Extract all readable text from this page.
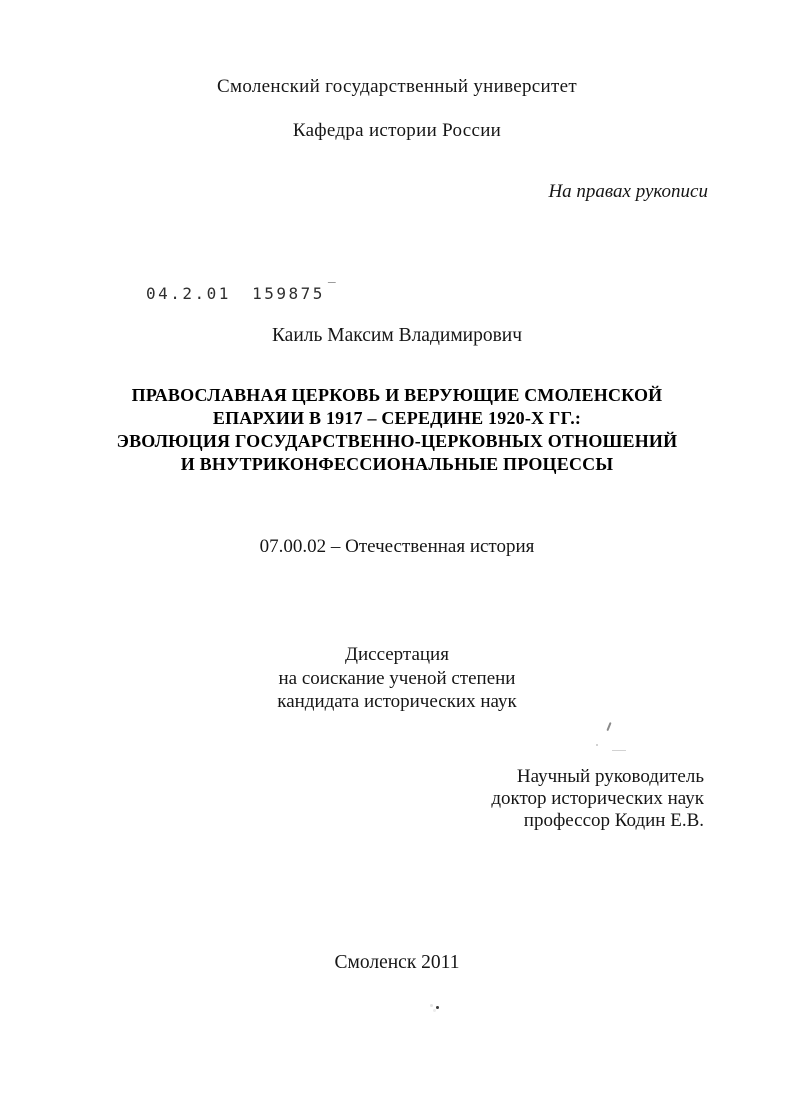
Смоленский государственный университет
Кафедра истории России
На правах рукописи
04.2.01 159875 ‾
Каиль Максим Владимирович
ПРАВОСЛАВНАЯ ЦЕРКОВЬ И ВЕРУЮЩИЕ СМОЛЕНСКОЙ
ЕПАРХИИ В 1917 – СЕРЕДИНЕ 1920-Х ГГ.:
ЭВОЛЮЦИЯ ГОСУДАРСТВЕННО-ЦЕРКОВНЫХ ОТНОШЕНИЙ
И ВНУТРИКОНФЕССИОНАЛЬНЫЕ ПРОЦЕССЫ
07.00.02 – Отечественная история
Диссертация
на соискание ученой степени
кандидата исторических наук
Научный руководитель
доктор исторических наук
профессор Кодин Е.В.
Смоленск 2011
